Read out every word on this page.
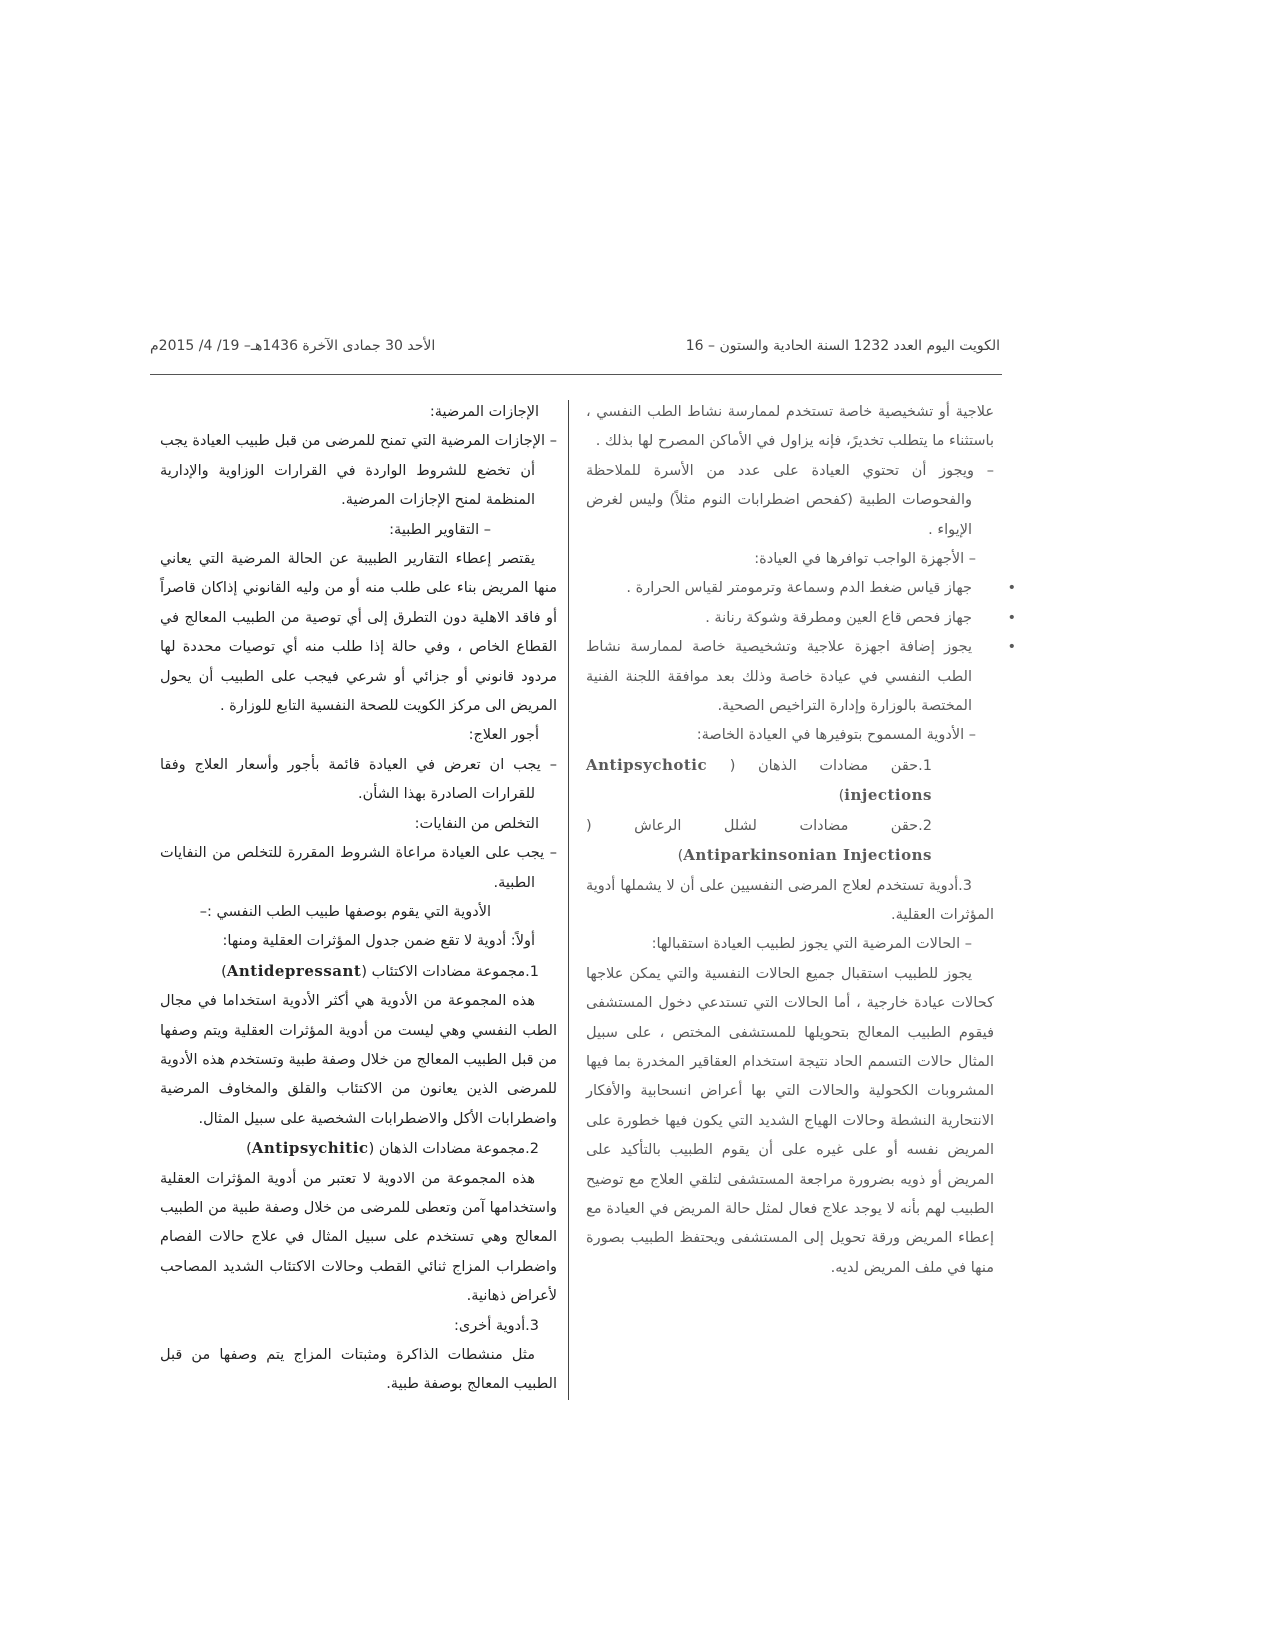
الكويت اليوم العدد 1232 السنة الحادية والستون – 16
الأحد 30 جمادى الآخرة 1436هـ– 19/ 4/ 2015م

علاجية أو تشخيصية خاصة تستخدم لممارسة نشاط الطب النفسي ، باستثناء ما يتطلب تخديرً، فإنه يزاول في الأماكن المصرح لها بذلك .

– ويجوز أن تحتوي العيادة على عدد من الأسرة للملاحظة والفحوصات الطبية (كفحص اضطرابات النوم مثلاً) وليس لغرض الإيواء .

– الأجهزة الواجب توافرها في العيادة:

•جهاز قياس ضغط الدم وسماعة وترمومتر لقياس الحرارة .

•جهاز فحص قاع العين ومطرقة وشوكة رنانة .

•يجوز إضافة اجهزة علاجية وتشخيصية خاصة لممارسة نشاط الطب النفسي في عيادة خاصة وذلك بعد موافقة اللجنة الفنية المختصة بالوزارة وإدارة التراخيص الصحية.

– الأدوية المسموح بتوفيرها في العيادة الخاصة:

1.حقن مضادات الذهان ( Antipsychotic injections)

2.حقن مضادات لشلل الرعاش ( Antiparkinsonian Injections)

3.أدوية تستخدم لعلاج المرضى النفسيين على أن لا يشملها أدوية المؤثرات العقلية.

– الحالات المرضية التي يجوز لطبيب العيادة استقبالها:

يجوز للطبيب استقبال جميع الحالات النفسية والتي يمكن علاجها كحالات عيادة خارجية ، أما الحالات التي تستدعي دخول المستشفى فيقوم الطبيب المعالج بتحويلها للمستشفى المختص ، على سبيل المثال حالات التسمم الحاد نتيجة استخدام العقاقير المخدرة بما فيها المشروبات الكحولية والحالات التي بها أعراض انسحابية والأفكار الانتحارية النشطة وحالات الهياج الشديد التي يكون فيها خطورة على المريض نفسه أو على غيره على أن يقوم الطبيب بالتأكيد على المريض أو ذويه بضرورة مراجعة المستشفى لتلقي العلاج مع توضيح الطبيب لهم بأنه لا يوجد علاج فعال لمثل حالة المريض في العيادة مع إعطاء المريض ورقة تحويل إلى المستشفى ويحتفظ الطبيب بصورة منها في ملف المريض لديه.

الإجازات المرضية:

– الإجازات المرضية التي تمنح للمرضى من قبل طبيب العيادة يجب أن تخضع للشروط الواردة في القرارات الوزاوية والإدارية المنظمة لمنح الإجازات المرضية.

– التقاوير الطبية:

يقتصر إعطاء التقارير الطبيبة عن الحالة المرضية التي يعاني منها المريض بناء على طلب منه أو من وليه القانوني إذاكان قاصراً أو فاقد الاهلية دون التطرق إلى أي توصية من الطبيب المعالج في القطاع الخاص ، وفي حالة إذا طلب منه أي توصيات محددة لها مردود قانوني أو جزائي أو شرعي فيجب على الطبيب أن يحول المريض الى مركز الكويت للصحة النفسية التابع للوزارة .

أجور العلاج:

– يجب ان تعرض في العيادة قائمة بأجور وأسعار العلاج وفقا للقرارات الصادرة بهذا الشأن.

التخلص من النفايات:

– يجب على العيادة مراعاة الشروط المقررة للتخلص من النفايات الطبية.

الأدوية التي يقوم بوصفها طبيب الطب النفسي :–

أولاً: أدوية لا تقع ضمن جدول المؤثرات العقلية ومنها:

1.مجموعة مضادات الاكتئاب (Antidepressant)

هذه المجموعة من الأدوية هي أكثر الأدوية استخداما في مجال الطب النفسي وهي ليست من أدوية المؤثرات العقلية ويتم وصفها من قبل الطبيب المعالج من خلال وصفة طبية وتستخدم هذه الأدوية للمرضى الذين يعانون من الاكتئاب والقلق والمخاوف المرضية واضطرابات الأكل والاضطرابات الشخصية على سبيل المثال.

2.مجموعة مضادات الذهان (Antipsychitic)

هذه المجموعة من الادوية لا تعتبر من أدوية المؤثرات العقلية واستخدامها آمن وتعطى للمرضى من خلال وصفة طبية من الطبيب المعالج وهي تستخدم على سبيل المثال في علاج حالات الفصام واضطراب المزاج ثنائي القطب وحالات الاكتئاب الشديد المصاحب لأعراض ذهانية.

3.أدوية أخرى:

مثل منشطات الذاكرة ومثبتات المزاج يتم وصفها من قبل الطبيب المعالج بوصفة طبية.
